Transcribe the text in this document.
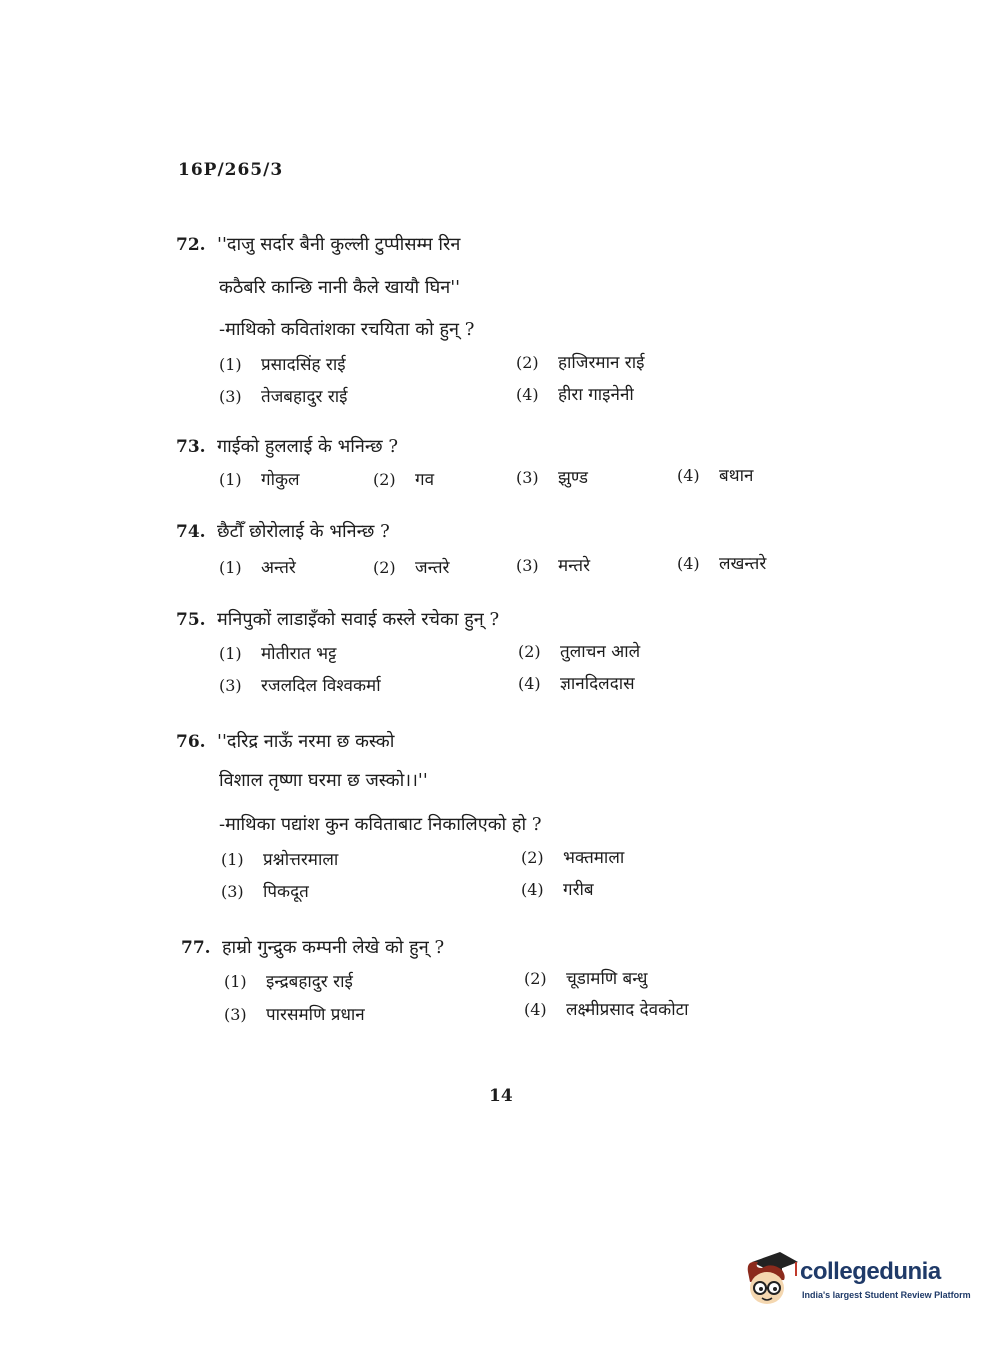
16P/265/3
72. ''दाजु सर्दार बैनी कुल्ली टुप्पीसम्म रिन
कठैबरि कान्छि नानी कैले खायौ घिन''
-माथिको कवितांशका रचयिता को हुन् ?
(1) प्रसादसिंह राई	(2) हाजिरमान राई
(3) तेजबहादुर राई	(4) हीरा गाइनेनी
73. गाईको हुललाई के भनिन्छ ?
(1) गोकुल	(2) गव	(3) झुण्ड	(4) बथान
74. छैटौँ छोरोलाई के भनिन्छ ?
(1) अन्तरे	(2) जन्तरे	(3) मन्तरे	(4) लखन्तरे
75. मनिपुकों लाडाइँको सवाई कस्ले रचेका हुन् ?
(1) मोतीरात भट्ट	(2) तुलाचन आले
(3) रजलदिल विश्वकर्मा	(4) ज्ञानदिलदास
76. ''दरिद्र नाऊँ नरमा छ कस्को
विशाल तृष्णा घरमा छ जस्को।।''
-माथिका पद्यांश कुन कविताबाट निकालिएको हो ?
(1) प्रश्नोत्तरमाला	(2) भक्तमाला
(3) पिकदूत	(4) गरीब
77. हाम्रो गुन्द्रुक कम्पनी लेखे को हुन् ?
(1) इन्द्रबहादुर राई	(2) चूडामणि बन्धु
(3) पारसमणि प्रधान	(4) लक्ष्मीप्रसाद देवकोटा
14
collegedunia
India's largest Student Review Platform
